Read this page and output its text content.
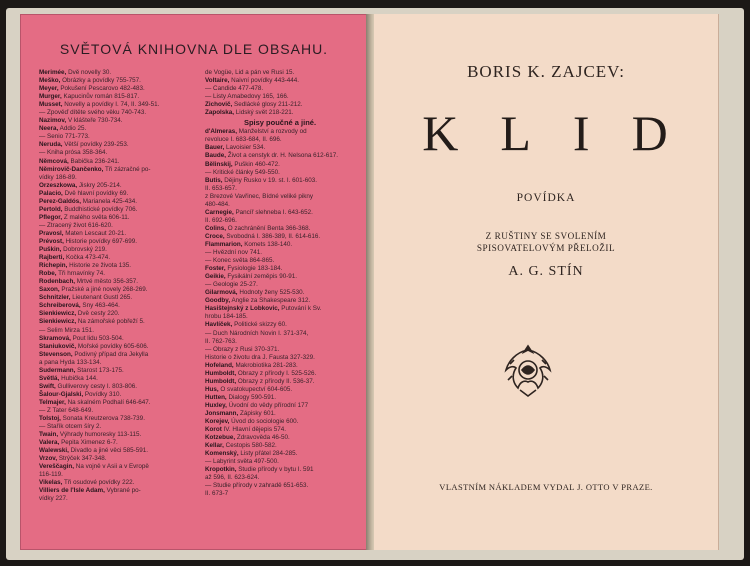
SVĚTOVÁ KNIHOVNA DLE OBSAHU.
Merimée, Dvě novelly 30.
Meško, Obrázky a povídky 755-757.
Meyer, Pokušení Pescarovo 482-483.
Murger, Kapucinův román 815-817.
Musset, Novelly a povídky I. 74, II. 349-51.
— Zpověď dítěte svého věku 740-743.
Nazimov, V klášteře 730-734.
Neera, Addio 25.
— Senio 771-773.
Neruda, Větší povídky 239-253.
— Kniha prósa 358-364.
Němcová, Babička 236-241.
Němirovič-Dančenko, Tři zázračné po-
vídky 186-89.
Orzeszkowa, Jiskry 205-214.
Palacio, Dvě hlavní povídky 69.
Perez-Galdós, Marianela 425-434.
Pertold, Buddhistické povídky 706.
Pflegor, Z malého světa 606-11.
— Ztracený život 616-620.
Pravosl, Maten Lescaut 20-21.
Prévost, Historie povídky 697-699.
Puškin, Dobrovský 219.
Rajberti, Kočka 473-474.
Richepin, Historie ze života 135.
Robe, Tři hrnavínky 74.
Rodenbach, Mrtvé město 356-357.
Saxon, Pražské a jiné novely 268-269.
Schnitzler, Lieutenant Gustl 265.
Schreiberová, Sny 463-464.
Sienkiewicz, Dvě cesty 220.
Sienkiewicz, Na zámořské pobřeží 5.
— Selim Mirza 151.
Skramová, Pout lidu 503-504.
Staniukovič, Mořské povídky 605-606.
Stevenson, Podivný případ dra Jekylla
a pana Hyda 133-134.
Sudermann, Starost 173-175.
Světlá, Hubička 144.
Swift, Gulliverovy cesty I. 803-806.
Šalour-Gjalski, Povídky 310.
Telmajer, Na skalném Podhalí 646-647.
— Z Tater 648-649.
Tolstoj, Sonata Kreutzerova 738-739.
— Stařík otcem šíry 2.
Twain, Výhrady humoresky 113-115.
Valera, Pepita Ximenez 6-7.
Walewski, Divadlo a jiné věci 585-591.
Vrzov, Strýček 347-348.
Vereščagin, Na vojně v Asii a v Evropě
116-119.
Vikelas, Tři osudové povídky 222.
Villiers de l'Isle Adam, Vybrané po-
vídky 227.
de Vogüe, Lid a pán ve Rusi 15.
Voltaire, Naivní povídky 443-444.
— Candide 477-478.
— Listy Amabedovy 165, 166.
Zichovič, Sedlácké glosy 211-212.
Zapolska, Lidský svět 218-221.
Spisy poučné a jiné.
d'Almeras, Manželství a rozvody od
revoluce I. 683-684, II. 696.
Bauer, Lavoisier 534.
Baude, Život a censtyk dr. H. Nelsona 612-617.
Bělinskij, Puškin 460-472.
— Kritické články 549-550.
Butis, Dějiny Rusko v 19. st. I. 601-603.
II. 653-657.
z Brezové Vavřinec, Bídné veliké pikny
480-484.
Carnegie, Pancíř slehneba I. 643-652.
II. 692-696.
Colins, O zachránění Benta 366-368.
Croce, Svobodná I. 386-389, II. 614-616.
Flammarion, Komets 138-140.
— Hvězdní nov 741.
— Konec světa 864-865.
Foster, Fysiologie 183-184.
Geikie, Fysikální zeměpis 90-91.
— Geologie 25-27.
Gilarmová, Hodnoty ženy 525-530.
Goodby, Anglie za Shakespeare 312.
Hasištejnský z Lobkovic, Putování k Sv.
hrobu 184-185.
Havlíček, Politické skizzy 60.
— Duch Národních Novin I. 371-374,
II. 762-763.
— Obrazy z Rusi 370-371.
Historie o životu dra J. Fausta 327-329.
Hofeland, Makrobiotika 281-283.
Humboldt, Obrazy z přírody I. 525-526.
Humboldt, Obrazy z přírody II. 536-37.
Hus, O svatokupectví 604-605.
Hutten, Dialogy 590-591.
Huxley, Úvodní do vědy přírodní 177
Jonsmann, Zápisky 601.
Korejev, Úvod do sociologie 600.
Korot IV. Hlavní dějepis 574.
Kotzebue, Zdravověda 46-50.
Kellar, Cestopis 580-582.
Komenský, Listy přátel 284-285.
— Labyrint světa 497-500.
Kropotkin, Studie přírody v bytu I. 591
až 596, II. 623-624.
— Studie přírody v zahradě 651-653.
II. 673-7
BORIS K. ZAJCEV:
KLID
POVÍDKA
Z RUŠTINY SE SVOLENÍM
SPISOVATELOVÝM PŘELOŽIL
A. G. STÍN
VLASTNÍM NÁKLADEM VYDAL J. OTTO V PRAZE.
